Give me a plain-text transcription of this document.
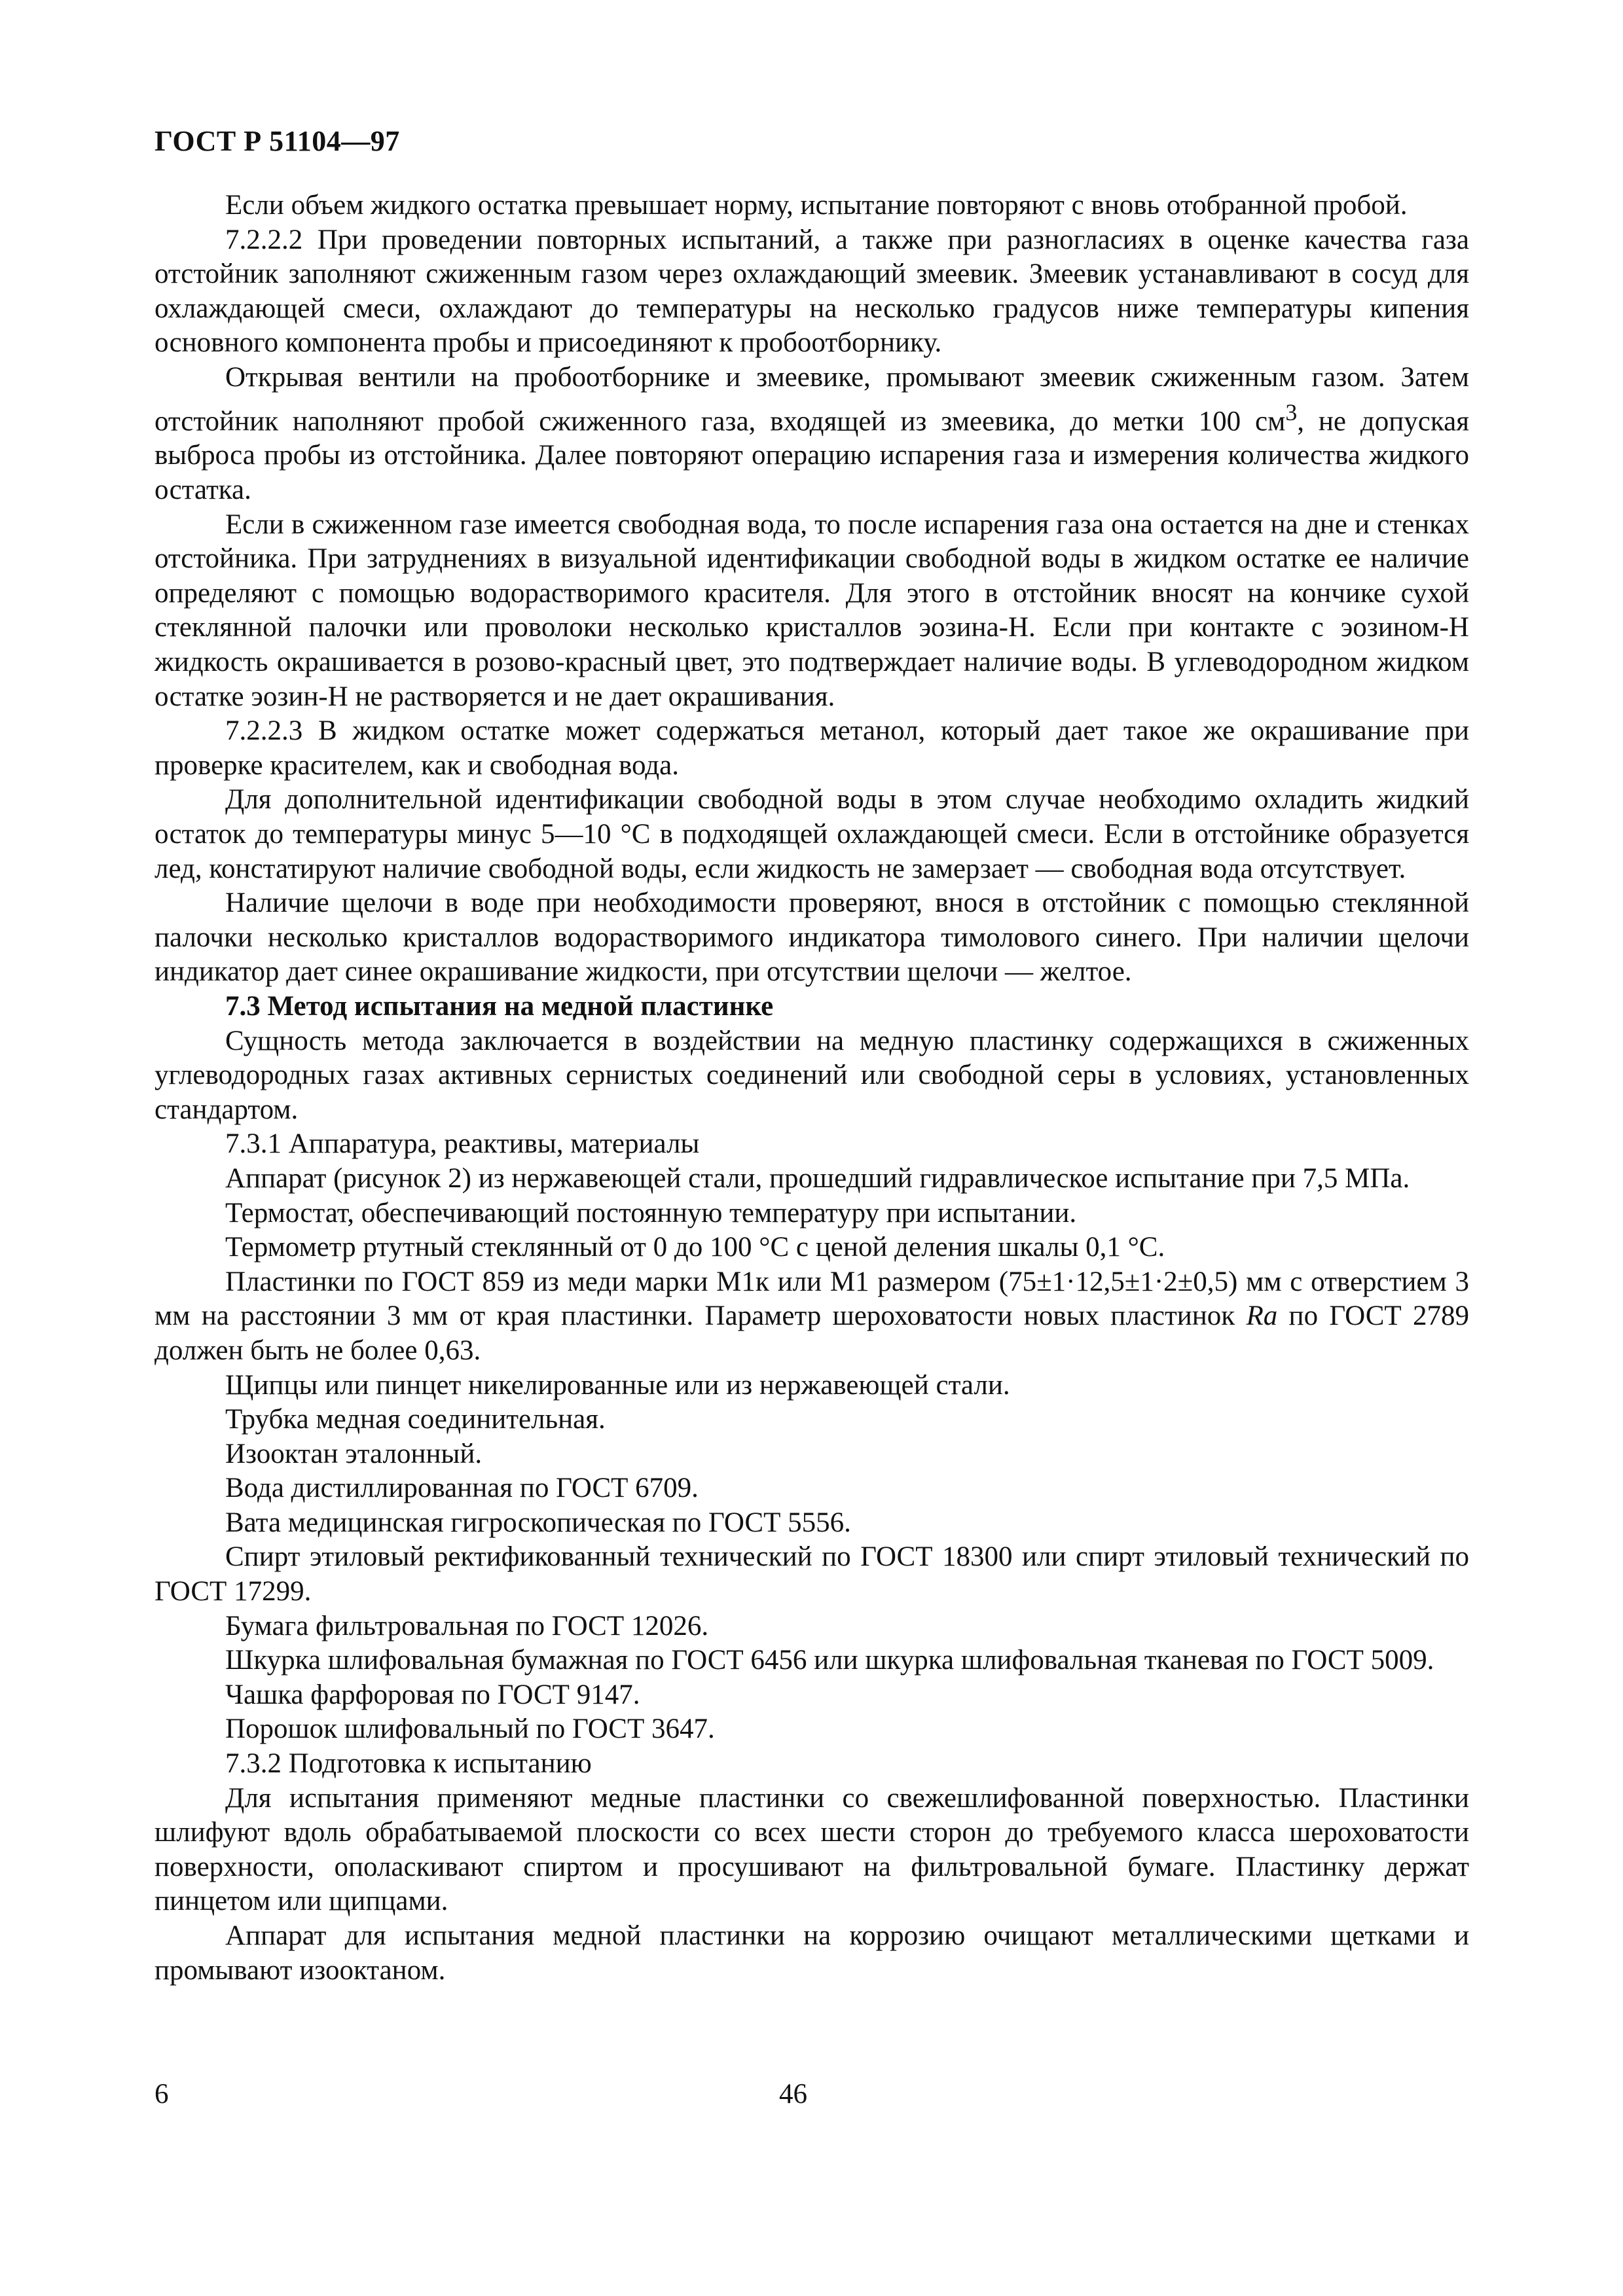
ГОСТ Р 51104—97

Если объем жидкого остатка превышает норму, испытание повторяют с вновь отобранной пробой.

7.2.2.2 При проведении повторных испытаний, а также при разногласиях в оценке качества газа отстойник заполняют сжиженным газом через охлаждающий змеевик. Змеевик устанавливают в сосуд для охлаждающей смеси, охлаждают до температуры на несколько градусов ниже температуры кипения основного компонента пробы и присоединяют к пробоотборнику.

Открывая вентили на пробоотборнике и змеевике, промывают змеевик сжиженным газом. Затем отстойник наполняют пробой сжиженного газа, входящей из змеевика, до метки 100 $см^3$, не допуская выброса пробы из отстойника. Далее повторяют операцию испарения газа и измерения количества жидкого остатка.

Если в сжиженном газе имеется свободная вода, то после испарения газа она остается на дне и стенках отстойника. При затруднениях в визуальной идентификации свободной воды в жидком остатке ее наличие определяют с помощью водорастворимого красителя. Для этого в отстойник вносят на кончике сухой стеклянной палочки или проволоки несколько кристаллов эозина-Н. Если при контакте с эозином-Н жидкость окрашивается в розово-красный цвет, это подтверждает наличие воды. В углеводородном жидком остатке эозин-Н не растворяется и не дает окрашивания.

7.2.2.3 В жидком остатке может содержаться метанол, который дает такое же окрашивание при проверке красителем, как и свободная вода.

Для дополнительной идентификации свободной воды в этом случае необходимо охладить жидкий остаток до температуры минус 5—10 °С в подходящей охлаждающей смеси. Если в отстойнике образуется лед, констатируют наличие свободной воды, если жидкость не замерзает — свободная вода отсутствует.

Наличие щелочи в воде при необходимости проверяют, внося в отстойник с помощью стеклянной палочки несколько кристаллов водорастворимого индикатора тимолового синего. При наличии щелочи индикатор дает синее окрашивание жидкости, при отсутствии щелочи — желтое.

7.3 Метод испытания на медной пластинке

Сущность метода заключается в воздействии на медную пластинку содержащихся в сжиженных углеводородных газах активных сернистых соединений или свободной серы в условиях, установленных стандартом.

7.3.1 Аппаратура, реактивы, материалы

Аппарат (рисунок 2) из нержавеющей стали, прошедший гидравлическое испытание при 7,5 МПа.

Термостат, обеспечивающий постоянную температуру при испытании.

Термометр ртутный стеклянный от 0 до 100 °С с ценой деления шкалы 0,1 °С.

Пластинки по ГОСТ 859 из меди марки М1к или М1 размером (75±1·12,5±1·2±0,5) мм с отверстием 3 мм на расстоянии 3 мм от края пластинки. Параметр шероховатости новых пластинок Ra по ГОСТ 2789 должен быть не более 0,63.

Щипцы или пинцет никелированные или из нержавеющей стали.

Трубка медная соединительная.

Изооктан эталонный.

Вода дистиллированная по ГОСТ 6709.

Вата медицинская гигроскопическая по ГОСТ 5556.

Спирт этиловый ректификованный технический по ГОСТ 18300 или спирт этиловый технический по ГОСТ 17299.

Бумага фильтровальная по ГОСТ 12026.

Шкурка шлифовальная бумажная по ГОСТ 6456 или шкурка шлифовальная тканевая по ГОСТ 5009.

Чашка фарфоровая по ГОСТ 9147.

Порошок шлифовальный по ГОСТ 3647.

7.3.2 Подготовка к испытанию

Для испытания применяют медные пластинки со свежешлифованной поверхностью. Пластинки шлифуют вдоль обрабатываемой плоскости со всех шести сторон до требуемого класса шероховатости поверхности, ополаскивают спиртом и просушивают на фильтровальной бумаге. Пластинку держат пинцетом или щипцами.

Аппарат для испытания медной пластинки на коррозию очищают металлическими щетками и промывают изооктаном.

6	46
